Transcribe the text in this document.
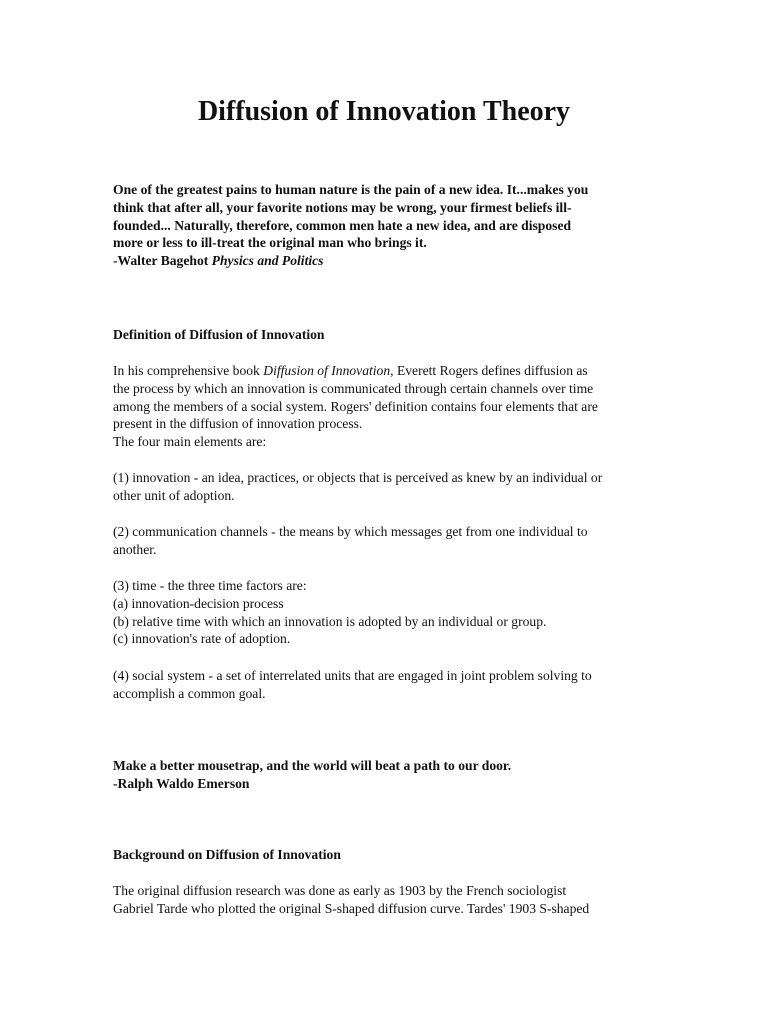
Diffusion of Innovation Theory
One of the greatest pains to human nature is the pain of a new idea. It...makes you
think that after all, your favorite notions may be wrong, your firmest beliefs ill-
founded... Naturally, therefore, common men hate a new idea, and are disposed
more or less to ill-treat the original man who brings it.
-Walter Bagehot Physics and Politics
Definition of Diffusion of Innovation
In his comprehensive book Diffusion of Innovation, Everett Rogers defines diffusion as
the process by which an innovation is communicated through certain channels over time
among the members of a social system. Rogers' definition contains four elements that are
present in the diffusion of innovation process.
The four main elements are:
(1) innovation - an idea, practices, or objects that is perceived as knew by an individual or
other unit of adoption.
(2) communication channels - the means by which messages get from one individual to
another.
(3) time - the three time factors are:
(a) innovation-decision process
(b) relative time with which an innovation is adopted by an individual or group.
(c) innovation's rate of adoption.
(4) social system - a set of interrelated units that are engaged in joint problem solving to
accomplish a common goal.
Make a better mousetrap, and the world will beat a path to our door.
-Ralph Waldo Emerson
Background on Diffusion of Innovation
The original diffusion research was done as early as 1903 by the French sociologist
Gabriel Tarde who plotted the original S-shaped diffusion curve. Tardes' 1903 S-shaped
